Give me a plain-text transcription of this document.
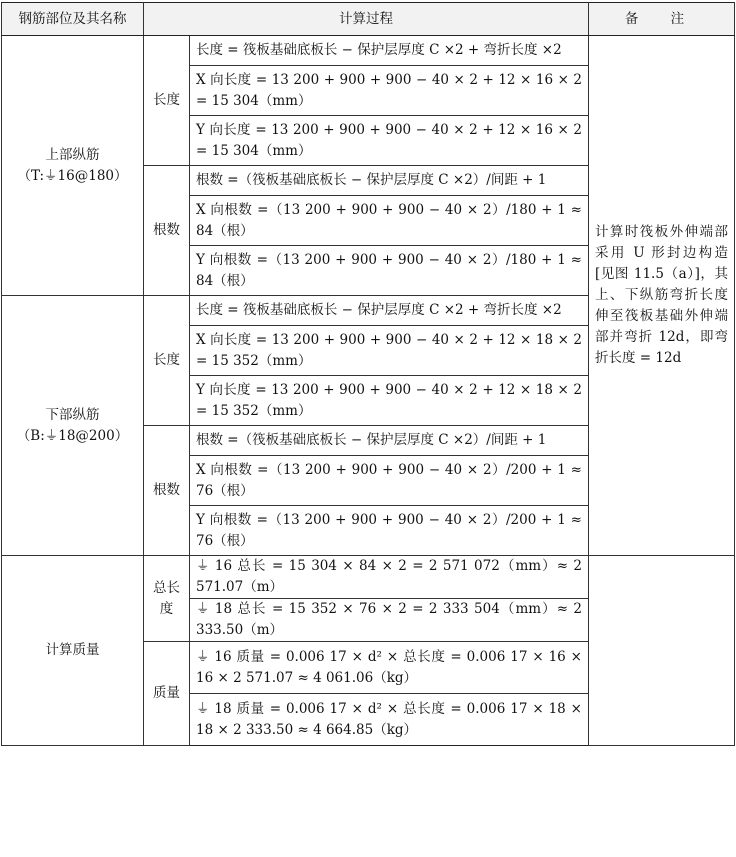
钢筋部位及其名称	计算过程		备 注

上部纵筋
（T:⏚16@180）	长度	长度 = 筏板基础底板长 − 保护层厚度 C ×2 + 弯折长度 ×2	计算时筏板外伸端部采用 U 形封边构造[见图 11.5（a）]，其上、下纵筋弯折长度伸至筏板基础外伸端部并弯折 12d，即弯折长度 = 12d
		X 向长度 = 13 200 + 900 + 900 − 40 × 2 + 12 × 16 × 2 = 15 304（mm）	
		Y 向长度 = 13 200 + 900 + 900 − 40 × 2 + 12 × 16 × 2 = 15 304（mm）	
	根数	根数 =（筏板基础底板长 − 保护层厚度 C ×2）/间距 + 1	
		X 向根数 =（13 200 + 900 + 900 − 40 × 2）/180 + 1 ≈ 84（根）	
		Y 向根数 =（13 200 + 900 + 900 − 40 × 2）/180 + 1 ≈ 84（根）	

下部纵筋
（B:⏚18@200）	长度	长度 = 筏板基础底板长 − 保护层厚度 C ×2 + 弯折长度 ×2	
		X 向长度 = 13 200 + 900 + 900 − 40 × 2 + 12 × 18 × 2 = 15 352（mm）	
		Y 向长度 = 13 200 + 900 + 900 − 40 × 2 + 12 × 18 × 2 = 15 352（mm）	
	根数	根数 =（筏板基础底板长 − 保护层厚度 C ×2）/间距 + 1	
		X 向根数 =（13 200 + 900 + 900 − 40 × 2）/200 + 1 ≈ 76（根）	
		Y 向根数 =（13 200 + 900 + 900 − 40 × 2）/200 + 1 ≈ 76（根）	
计算质量	总长度	⏚ 16 总长 = 15 304 × 84 × 2 = 2 571 072（mm）≈ 2 571.07（m）	
		⏚ 18 总长 = 15 352 × 76 × 2 = 2 333 504（mm）≈ 2 333.50（m）	
	质量	⏚ 16 质量 = 0.006 17 × d² × 总长度 = 0.006 17 × 16 × 16 × 2 571.07 ≈ 4 061.06（kg）	
		⏚ 18 质量 = 0.006 17 × d² × 总长度 = 0.006 17 × 18 × 18 × 2 333.50 ≈ 4 664.85（kg）	
